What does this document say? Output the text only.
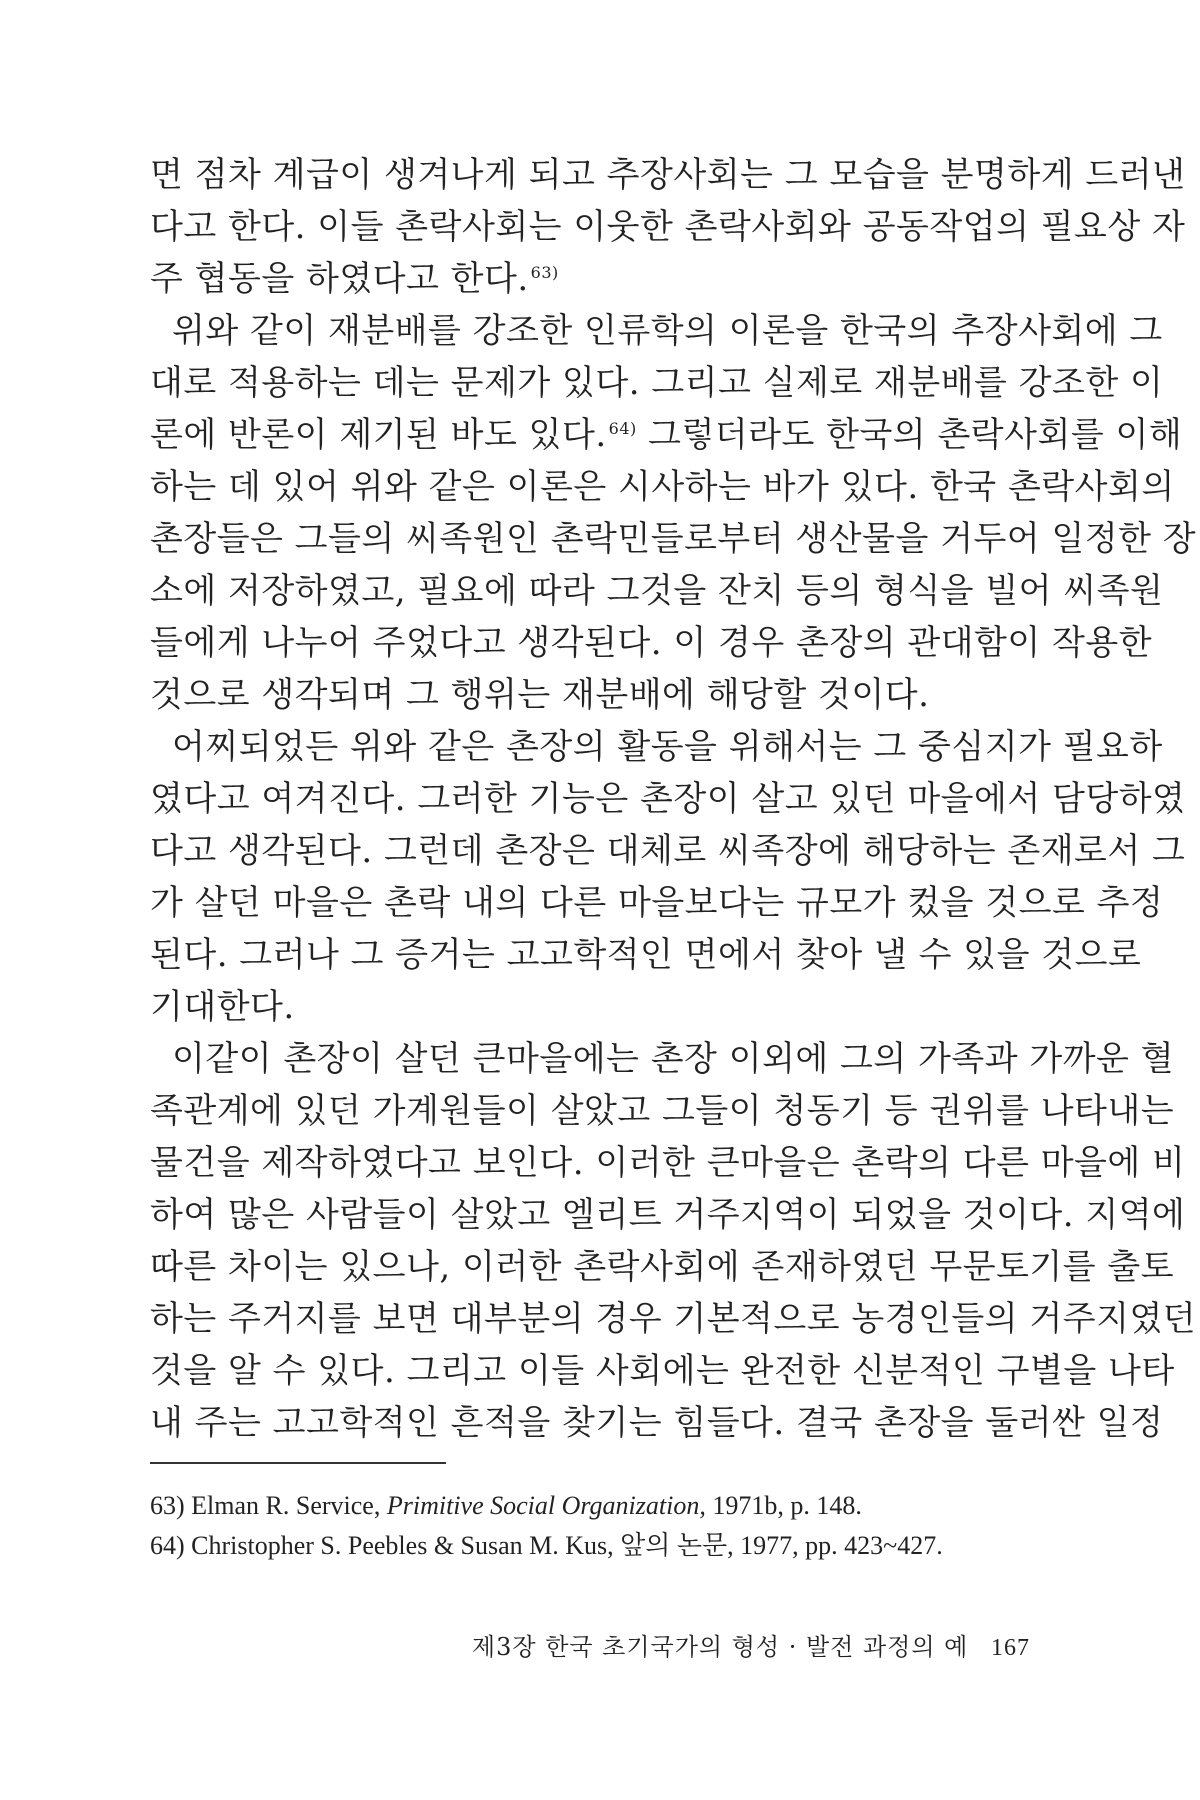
면 점차 계급이 생겨나게 되고 추장사회는 그 모습을 분명하게 드러낸
다고 한다. 이들 촌락사회는 이웃한 촌락사회와 공동작업의 필요상 자
주 협동을 하였다고 한다. $^{63)}$
위와 같이 재분배를 강조한 인류학의 이론을 한국의 추장사회에 그
대로 적용하는 데는 문제가 있다. 그리고 실제로 재분배를 강조한 이
론에 반론이 제기된 바도 있다. $^{64)}$ 그렇더라도 한국의 촌락사회를 이해
하는 데 있어 위와 같은 이론은 시사하는 바가 있다. 한국 촌락사회의
촌장들은 그들의 씨족원인 촌락민들로부터 생산물을 거두어 일정한 장
소에 저장하였고, 필요에 따라 그것을 잔치 등의 형식을 빌어 씨족원
들에게 나누어 주었다고 생각된다. 이 경우 촌장의 관대함이 작용한
것으로 생각되며 그 행위는 재분배에 해당할 것이다.
어찌되었든 위와 같은 촌장의 활동을 위해서는 그 중심지가 필요하
였다고 여겨진다. 그러한 기능은 촌장이 살고 있던 마을에서 담당하였
다고 생각된다. 그런데 촌장은 대체로 씨족장에 해당하는 존재로서 그
가 살던 마을은 촌락 내의 다른 마을보다는 규모가 컸을 것으로 추정
된다. 그러나 그 증거는 고고학적인 면에서 찾아 낼 수 있을 것으로
기대한다.
이같이 촌장이 살던 큰마을에는 촌장 이외에 그의 가족과 가까운 혈
족관계에 있던 가계원들이 살았고 그들이 청동기 등 권위를 나타내는
물건을 제작하였다고 보인다. 이러한 큰마을은 촌락의 다른 마을에 비
하여 많은 사람들이 살았고 엘리트 거주지역이 되었을 것이다. 지역에
따른 차이는 있으나, 이러한 촌락사회에 존재하였던 무문토기를 출토
하는 주거지를 보면 대부분의 경우 기본적으로 농경인들의 거주지였던
것을 알 수 있다. 그리고 이들 사회에는 완전한 신분적인 구별을 나타
내 주는 고고학적인 흔적을 찾기는 힘들다. 결국 촌장을 둘러싼 일정
63) Elman R. Service, Primitive Social Organization, 1971b, p. 148.
64) Christopher S. Peebles & Susan M. Kus, 앞의 논문, 1977, pp. 423~427.
제3장 한국 초기국가의 형성 · 발전 과정의 예 167
